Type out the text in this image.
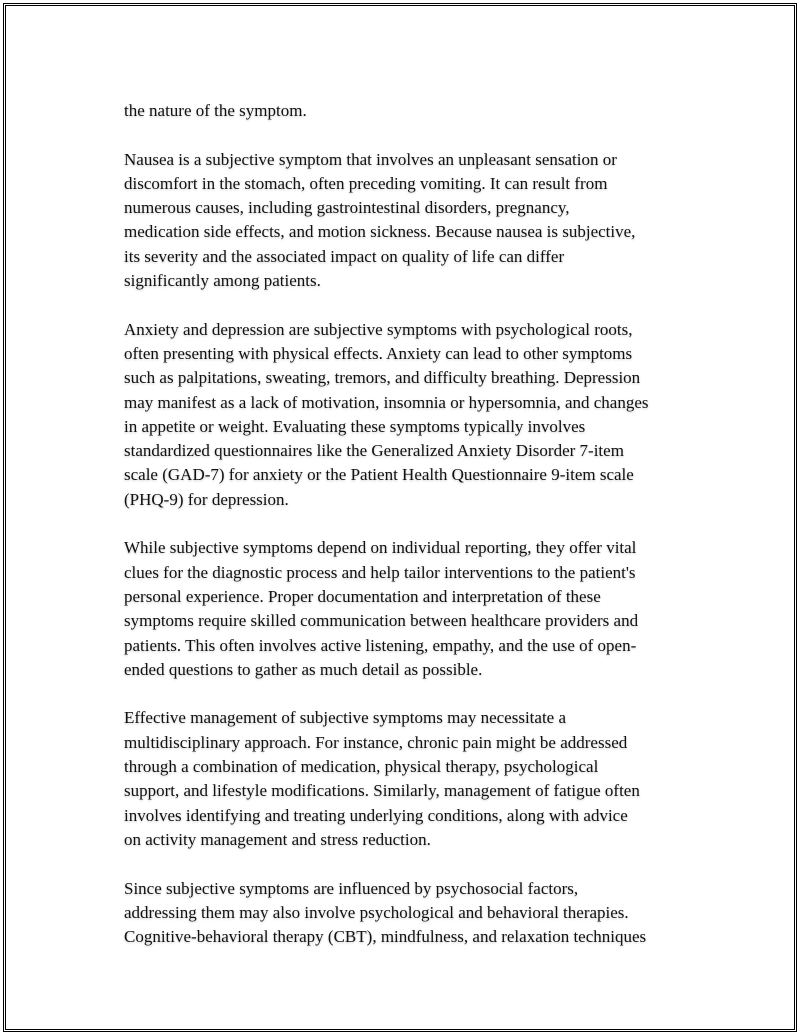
the nature of the symptom.

Nausea is a subjective symptom that involves an unpleasant sensation or
discomfort in the stomach, often preceding vomiting. It can result from
numerous causes, including gastrointestinal disorders, pregnancy,
medication side effects, and motion sickness. Because nausea is subjective,
its severity and the associated impact on quality of life can differ
significantly among patients.

Anxiety and depression are subjective symptoms with psychological roots,
often presenting with physical effects. Anxiety can lead to other symptoms
such as palpitations, sweating, tremors, and difficulty breathing. Depression
may manifest as a lack of motivation, insomnia or hypersomnia, and changes
in appetite or weight. Evaluating these symptoms typically involves
standardized questionnaires like the Generalized Anxiety Disorder 7-item
scale (GAD-7) for anxiety or the Patient Health Questionnaire 9-item scale
(PHQ-9) for depression.

While subjective symptoms depend on individual reporting, they offer vital
clues for the diagnostic process and help tailor interventions to the patient's
personal experience. Proper documentation and interpretation of these
symptoms require skilled communication between healthcare providers and
patients. This often involves active listening, empathy, and the use of open-
ended questions to gather as much detail as possible.

Effective management of subjective symptoms may necessitate a
multidisciplinary approach. For instance, chronic pain might be addressed
through a combination of medication, physical therapy, psychological
support, and lifestyle modifications. Similarly, management of fatigue often
involves identifying and treating underlying conditions, along with advice
on activity management and stress reduction.

Since subjective symptoms are influenced by psychosocial factors,
addressing them may also involve psychological and behavioral therapies.
Cognitive-behavioral therapy (CBT), mindfulness, and relaxation techniques
